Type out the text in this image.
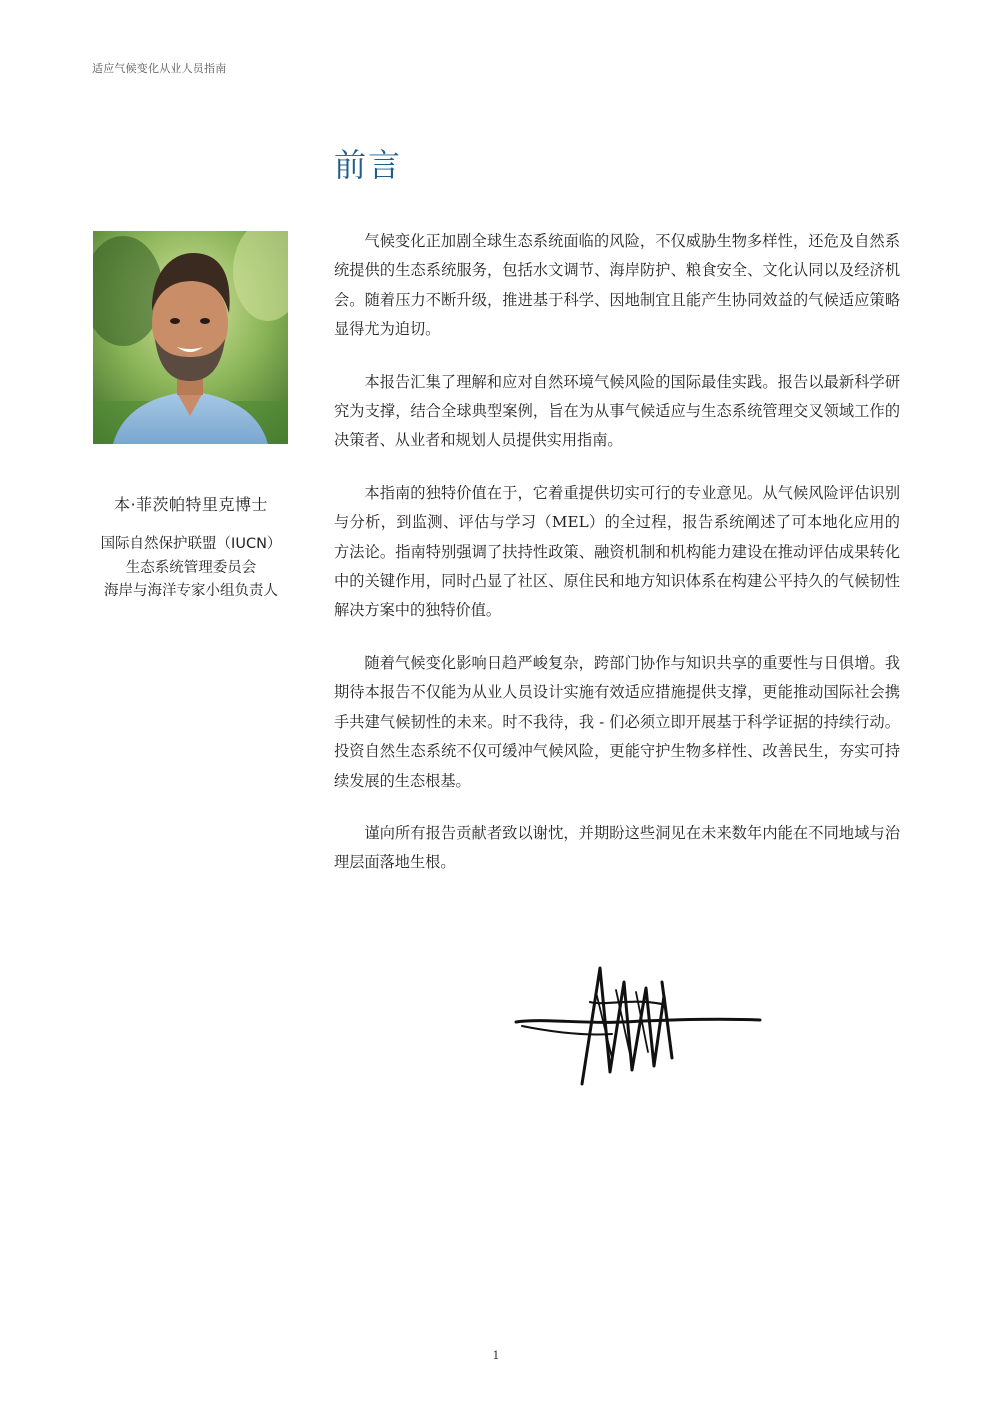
适应气候变化从业人员指南
前言
本·菲茨帕特里克博士
国际自然保护联盟（IUCN）
生态系统管理委员会
海岸与海洋专家小组负责人

气候变化正加剧全球生态系统面临的风险，不仅威胁生物多样性，还危及自然系统提供的生态系统服务，包括水文调节、海岸防护、粮食安全、文化认同以及经济机会。随着压力不断升级，推进基于科学、因地制宜且能产生协同效益的气候适应策略显得尤为迫切。

本报告汇集了理解和应对自然环境气候风险的国际最佳实践。报告以最新科学研究为支撑，结合全球典型案例，旨在为从事气候适应与生态系统管理交叉领域工作的决策者、从业者和规划人员提供实用指南。

本指南的独特价值在于，它着重提供切实可行的专业意见。从气候风险评估识别与分析，到监测、评估与学习（MEL）的全过程，报告系统阐述了可本地化应用的方法论。指南特别强调了扶持性政策、融资机制和机构能力建设在推动评估成果转化中的关键作用，同时凸显了社区、原住民和地方知识体系在构建公平持久的气候韧性解决方案中的独特价值。

随着气候变化影响日趋严峻复杂，跨部门协作与知识共享的重要性与日俱增。我期待本报告不仅能为从业人员设计实施有效适应措施提供支撑，更能推动国际社会携手共建气候韧性的未来。时不我待，我 - 们必须立即开展基于科学证据的持续行动。投资自然生态系统不仅可缓冲气候风险，更能守护生物多样性、改善民生，夯实可持续发展的生态根基。

谨向所有报告贡献者致以谢忱，并期盼这些洞见在未来数年内能在不同地域与治理层面落地生根。

1
